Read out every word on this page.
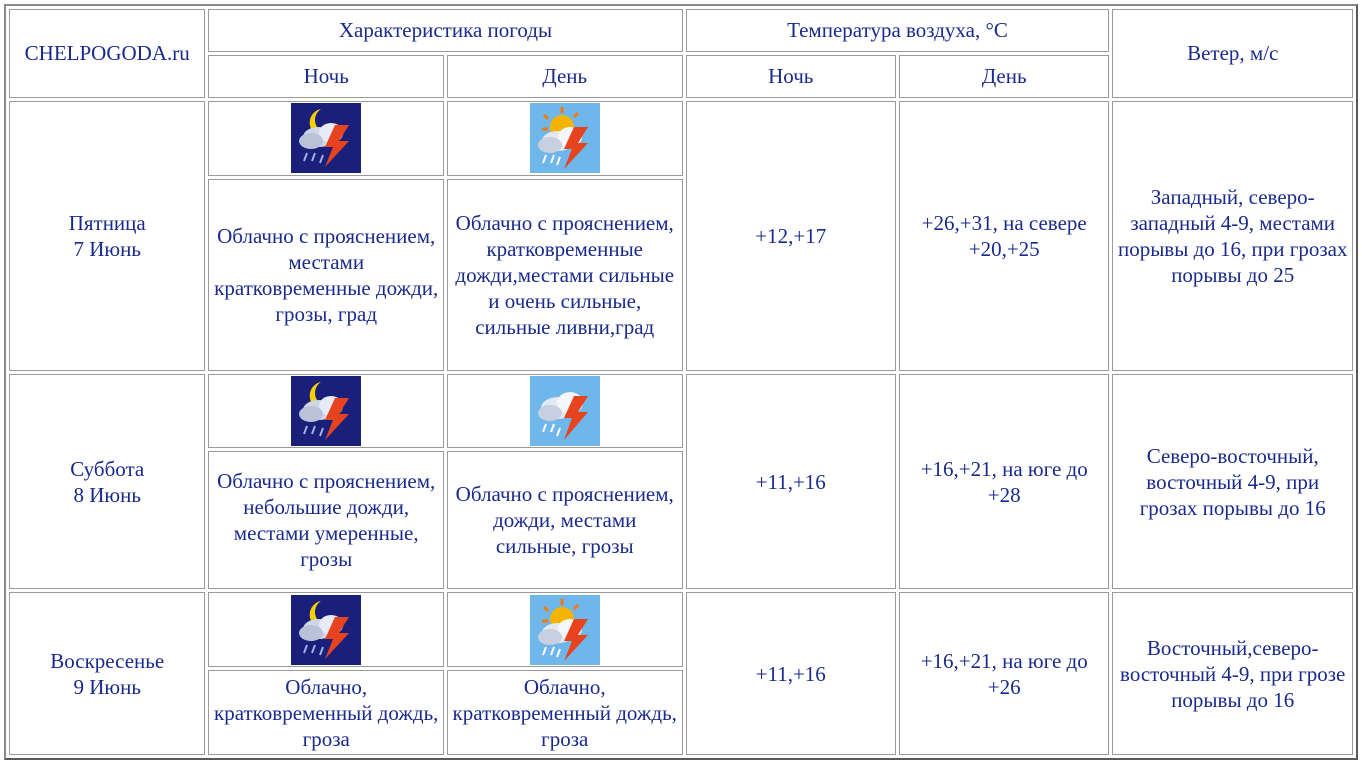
CHELPOGODA.ru	Характеристика погоды		Температура воздуха, °С		Ветер, м/с
	Ночь	День	Ночь	День	
Пятница
7 Июнь			+12,+17	+26,+31, на севере +20,+25	Западный, северо-западный 4-9, местами порывы до 16, при грозах порывы до 25
	Облачно с прояснением, местами кратковременные дожди, грозы, град	Облачно с прояснением, кратковременные дожди,местами сильные и очень сильные, сильные ливни,град			
Суббота
8 Июнь			+11,+16	+16,+21, на юге до +28	Северо-восточный, восточный 4-9, при грозах порывы до 16
	Облачно с прояснением, небольшие дожди, местами умеренные, грозы	Облачно с прояснением, дожди, местами сильные, грозы			
Воскресенье
9 Июнь			+11,+16	+16,+21, на юге до +26	Восточный,северо-восточный 4-9, при грозе порывы до 16
	Облачно, кратковременный дождь, гроза	Облачно, кратковременный дождь, гроза			
